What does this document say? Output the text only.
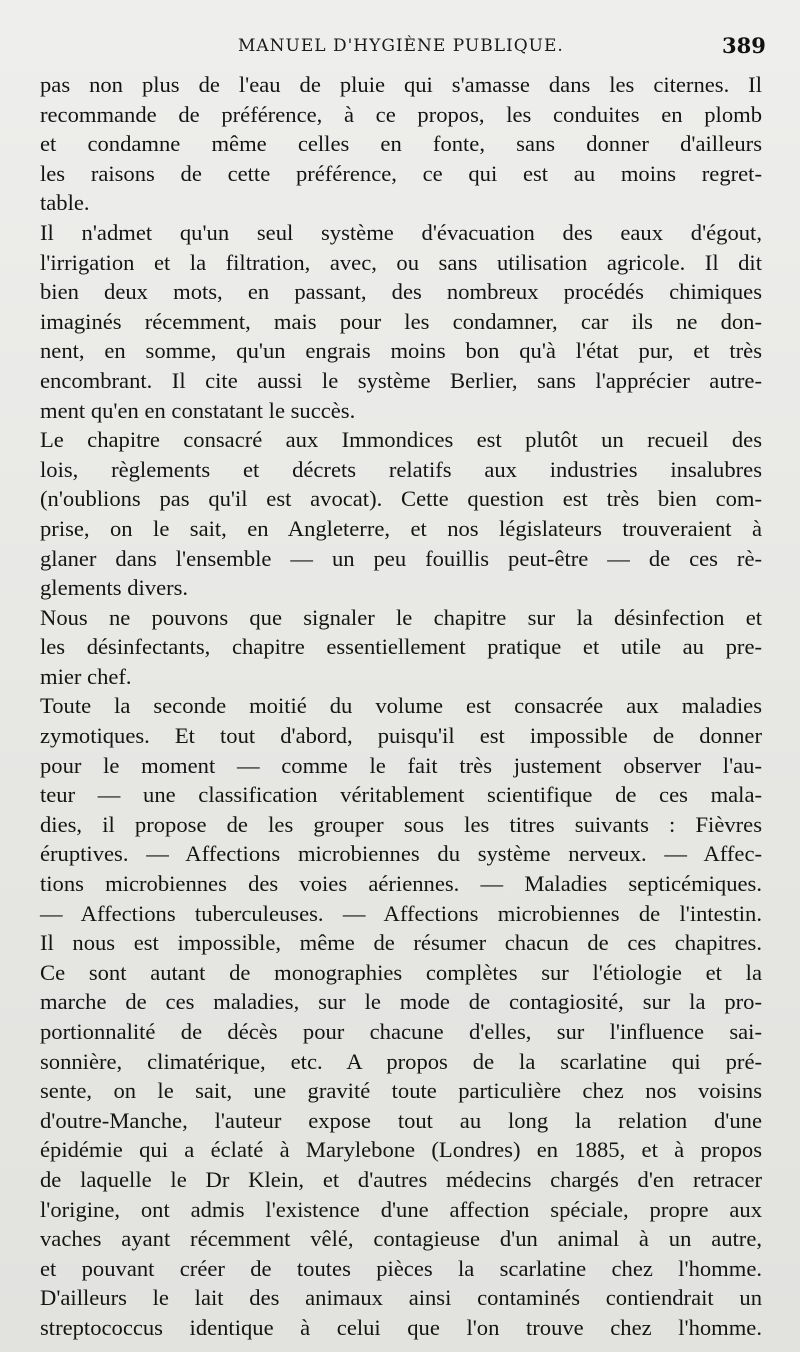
MANUEL D'HYGIÈNE PUBLIQUE.	389
pas non plus de l'eau de pluie qui s'amasse dans les citernes. Il
recommande de préférence, à ce propos, les conduites en plomb
et condamne même celles en fonte, sans donner d'ailleurs
les raisons de cette préférence, ce qui est au moins regret-
table.
Il n'admet qu'un seul système d'évacuation des eaux d'égout,
l'irrigation et la filtration, avec, ou sans utilisation agricole. Il dit
bien deux mots, en passant, des nombreux procédés chimiques
imaginés récemment, mais pour les condamner, car ils ne don-
nent, en somme, qu'un engrais moins bon qu'à l'état pur, et très
encombrant. Il cite aussi le système Berlier, sans l'apprécier autre-
ment qu'en en constatant le succès.
Le chapitre consacré aux Immondices est plutôt un recueil des
lois, règlements et décrets relatifs aux industries insalubres
(n'oublions pas qu'il est avocat). Cette question est très bien com-
prise, on le sait, en Angleterre, et nos législateurs trouveraient à
glaner dans l'ensemble — un peu fouillis peut-être — de ces rè-
glements divers.
Nous ne pouvons que signaler le chapitre sur la désinfection et
les désinfectants, chapitre essentiellement pratique et utile au pre-
mier chef.
Toute la seconde moitié du volume est consacrée aux maladies
zymotiques. Et tout d'abord, puisqu'il est impossible de donner
pour le moment — comme le fait très justement observer l'au-
teur — une classification véritablement scientifique de ces mala-
dies, il propose de les grouper sous les titres suivants : Fièvres
éruptives. — Affections microbiennes du système nerveux. — Affec-
tions microbiennes des voies aériennes. — Maladies septicémiques.
— Affections tuberculeuses. — Affections microbiennes de l'intestin.
Il nous est impossible, même de résumer chacun de ces chapitres.
Ce sont autant de monographies complètes sur l'étiologie et la
marche de ces maladies, sur le mode de contagiosité, sur la pro-
portionnalité de décès pour chacune d'elles, sur l'influence sai-
sonnière, climatérique, etc. A propos de la scarlatine qui pré-
sente, on le sait, une gravité toute particulière chez nos voisins
d'outre-Manche, l'auteur expose tout au long la relation d'une
épidémie qui a éclaté à Marylebone (Londres) en 1885, et à propos
de laquelle le Dr Klein, et d'autres médecins chargés d'en retracer
l'origine, ont admis l'existence d'une affection spéciale, propre aux
vaches ayant récemment vêlé, contagieuse d'un animal à un autre,
et pouvant créer de toutes pièces la scarlatine chez l'homme.
D'ailleurs le lait des animaux ainsi contaminés contiendrait un
streptococcus identique à celui que l'on trouve chez l'homme.
